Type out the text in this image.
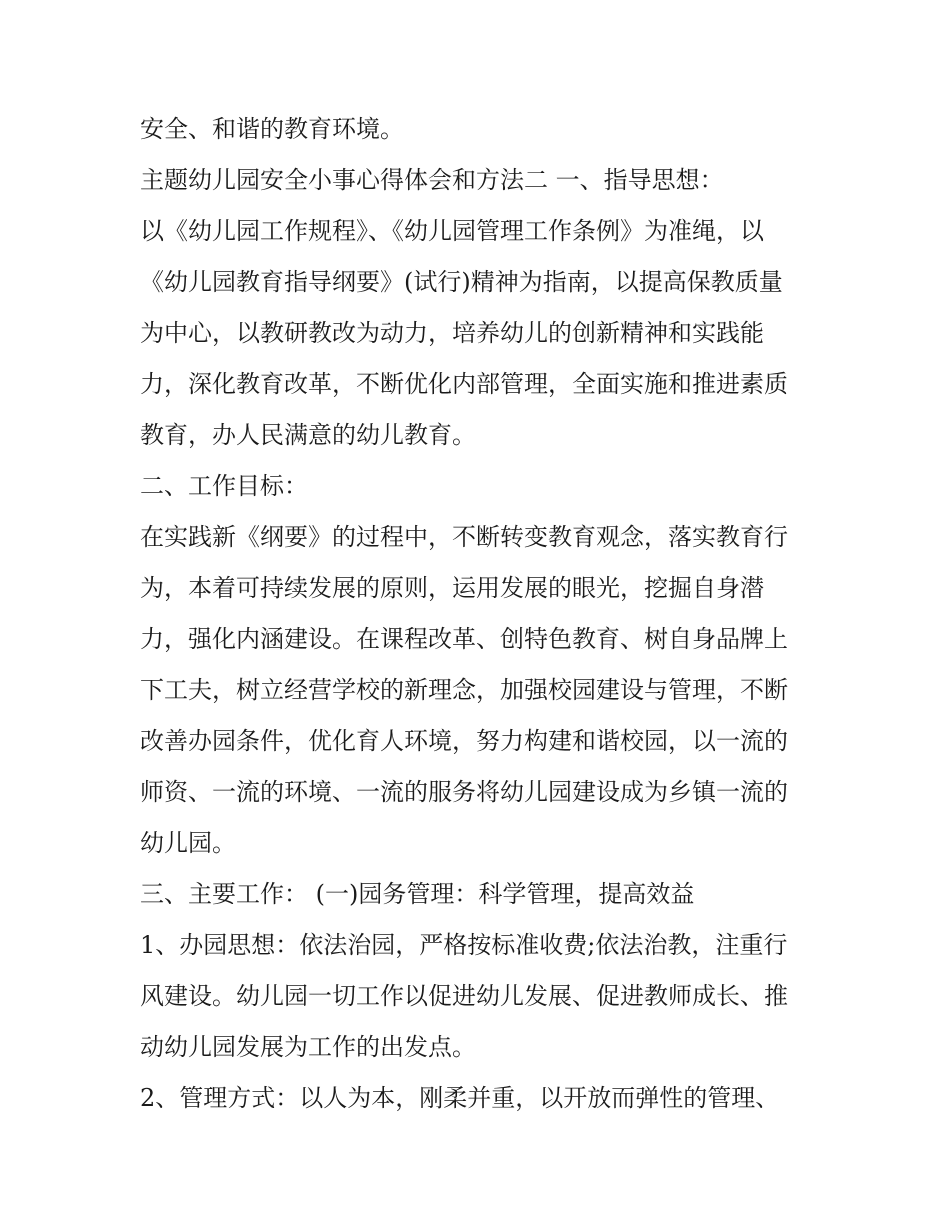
安全、和谐的教育环境。
主题幼儿园安全小事心得体会和方法二 一、指导思想：
以《幼儿园工作规程》、《幼儿园管理工作条例》为准绳，以
《幼儿园教育指导纲要》(试行)精神为指南，以提高保教质量
为中心，以教研教改为动力，培养幼儿的创新精神和实践能
力，深化教育改革，不断优化内部管理，全面实施和推进素质
教育，办人民满意的幼儿教育。
二、工作目标：
在实践新《纲要》的过程中，不断转变教育观念，落实教育行
为，本着可持续发展的原则，运用发展的眼光，挖掘自身潜
力，强化内涵建设。在课程改革、创特色教育、树自身品牌上
下工夫，树立经营学校的新理念，加强校园建设与管理，不断
改善办园条件，优化育人环境，努力构建和谐校园，以一流的
师资、一流的环境、一流的服务将幼儿园建设成为乡镇一流的
幼儿园。
三、主要工作： (一)园务管理：科学管理，提高效益
1、办园思想：依法治园，严格按标准收费;依法治教，注重行
风建设。幼儿园一切工作以促进幼儿发展、促进教师成长、推
动幼儿园发展为工作的出发点。
2、管理方式：以人为本，刚柔并重，以开放而弹性的管理、
